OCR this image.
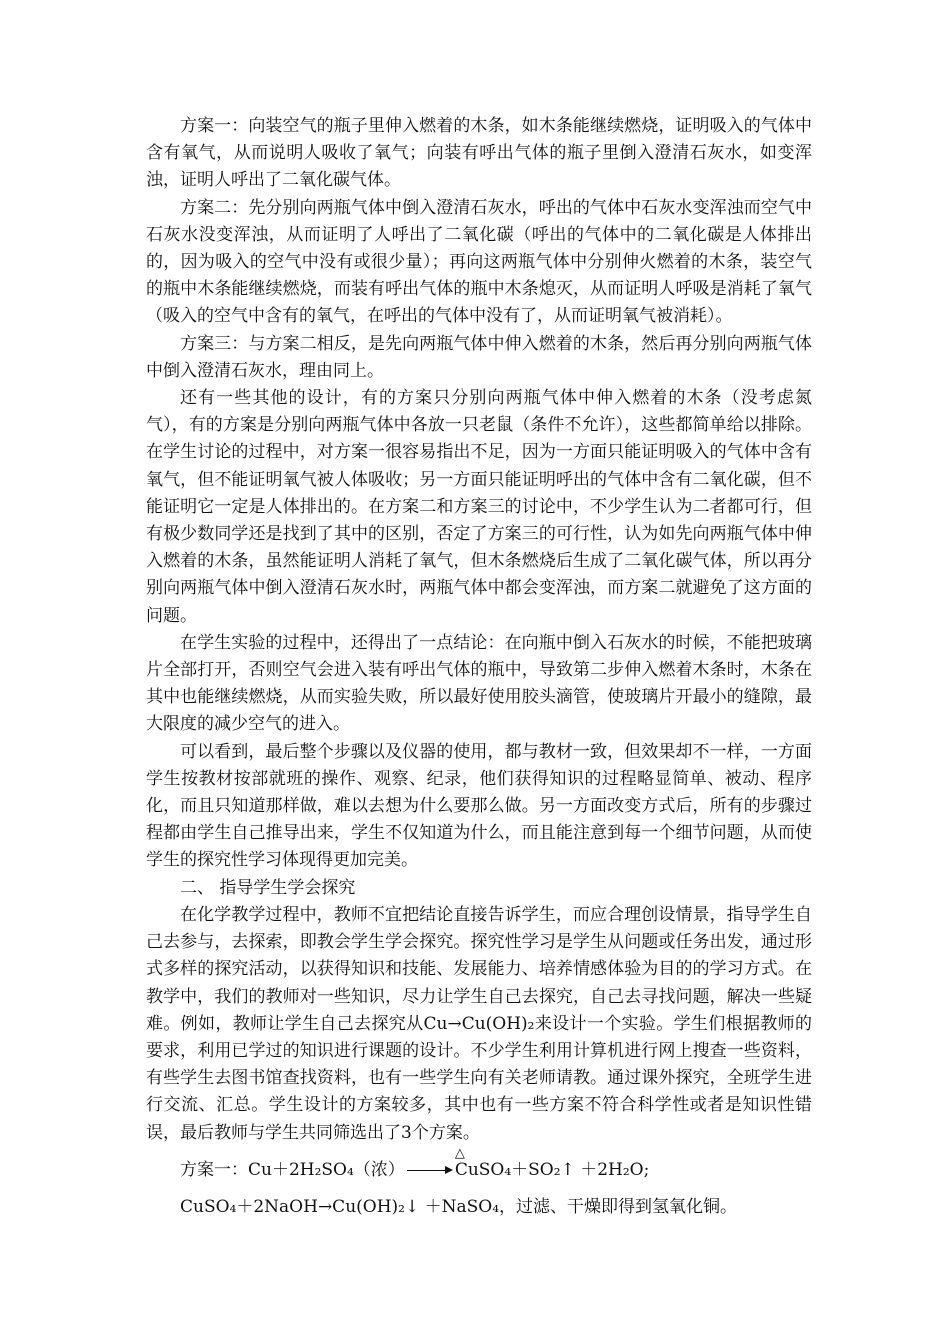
方案一：向装空气的瓶子里伸入燃着的木条，如木条能继续燃烧，证明吸入的气体中含有氧气，从而说明人吸收了氧气；向装有呼出气体的瓶子里倒入澄清石灰水，如变浑浊，证明人呼出了二氧化碳气体。

方案二：先分别向两瓶气体中倒入澄清石灰水，呼出的气体中石灰水变浑浊而空气中石灰水没变浑浊，从而证明了人呼出了二氧化碳（呼出的气体中的二氧化碳是人体排出的，因为吸入的空气中没有或很少量）；再向这两瓶气体中分别伸火燃着的木条，装空气的瓶中木条能继续燃烧，而装有呼出气体的瓶中木条熄灭，从而证明人呼吸是消耗了氧气（吸入的空气中含有的氧气，在呼出的气体中没有了，从而证明氧气被消耗）。

方案三：与方案二相反，是先向两瓶气体中伸入燃着的木条，然后再分别向两瓶气体中倒入澄清石灰水，理由同上。

还有一些其他的设计，有的方案只分别向两瓶气体中伸入燃着的木条（没考虑氮气），有的方案是分别向两瓶气体中各放一只老鼠（条件不允许），这些都简单给以排除。在学生讨论的过程中，对方案一很容易指出不足，因为一方面只能证明吸入的气体中含有氧气，但不能证明氧气被人体吸收；另一方面只能证明呼出的气体中含有二氧化碳，但不能证明它一定是人体排出的。在方案二和方案三的讨论中，不少学生认为二者都可行，但有极少数同学还是找到了其中的区别，否定了方案三的可行性，认为如先向两瓶气体中伸入燃着的木条，虽然能证明人消耗了氧气，但木条燃烧后生成了二氧化碳气体，所以再分别向两瓶气体中倒入澄清石灰水时，两瓶气体中都会变浑浊，而方案二就避免了这方面的问题。

在学生实验的过程中，还得出了一点结论：在向瓶中倒入石灰水的时候，不能把玻璃片全部打开，否则空气会进入装有呼出气体的瓶中，导致第二步伸入燃着木条时，木条在其中也能继续燃烧，从而实验失败，所以最好使用胶头滴管，使玻璃片开最小的缝隙，最大限度的减少空气的进入。

可以看到，最后整个步骤以及仪器的使用，都与教材一致，但效果却不一样，一方面学生按教材按部就班的操作、观察、纪录，他们获得知识的过程略显简单、被动、程序化，而且只知道那样做，难以去想为什么要那么做。另一方面改变方式后，所有的步骤过程都由学生自己推导出来，学生不仅知道为什么，而且能注意到每一个细节问题，从而使学生的探究性学习体现得更加完美。

二、 指导学生学会探究

在化学教学过程中，教师不宜把结论直接告诉学生，而应合理创设情景，指导学生自己去参与，去探索，即教会学生学会探究。探究性学习是学生从问题或任务出发，通过形式多样的探究活动，以获得知识和技能、发展能力、培养情感体验为目的的学习方式。在教学中，我们的教师对一些知识，尽力让学生自己去探究，自己去寻找问题，解决一些疑难。例如，教师让学生自己去探究从Cu→Cu(OH)₂来设计一个实验。学生们根据教师的要求，利用已学过的知识进行课题的设计。不少学生利用计算机进行网上搜查一些资料，有些学生去图书馆查找资料，也有一些学生向有关老师请教。通过课外探究，全班学生进行交流、汇总。学生设计的方案较多，其中也有一些方案不符合科学性或者是知识性错误，最后教师与学生共同筛选出了3个方案。

方案一：Cu＋2H₂SO₄（浓）
△
CuSO₄＋SO₂↑ ＋2H₂O;

CuSO₄＋2NaOH→Cu(OH)₂↓ ＋NaSO₄，过滤、干燥即得到氢氧化铜。
